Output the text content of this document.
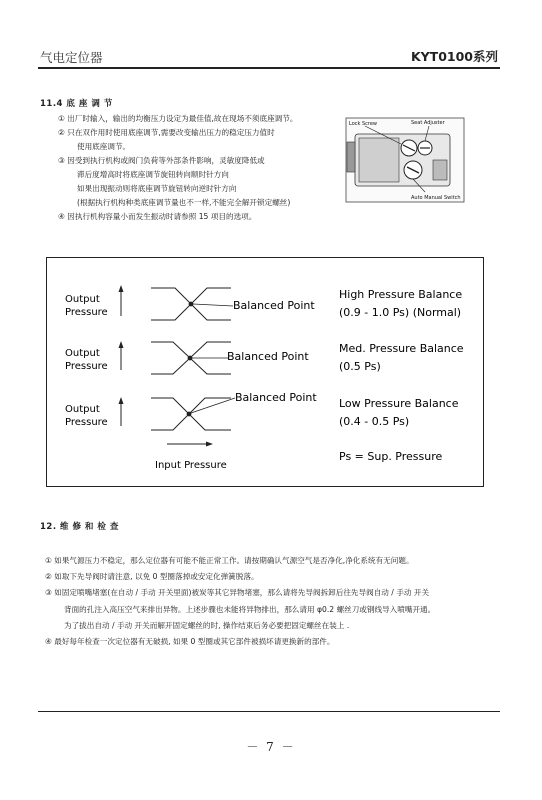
气电定位器	KYT0100系列
11.4 底 座 调 节
① 出厂时输入，输出的均衡压力设定为最佳值,故在现场不须底座调节。
② 只在双作用时使用底座调节,需要改变输出压力的稳定压力值时
使用底座调节。
③ 因受到执行机构或阀门负荷等外部条件影响，灵敏度降低或
滞后度增高时将底座调节旋钮转向顺时针方向
如果出现振动则将底座调节旋钮转向逆时针方向
(根据执行机构种类底座调节量也不一样,不能完全解开锁定螺丝)
④ 因执行机构容量小而发生振动时请参照 15 项目的选项。
Lock Screw	Seat Adjuster
Auto Manual Switch
Output
Pressure
Balanced Point
High Pressure Balance
(0.9 - 1.0 Ps) (Normal)
Output
Pressure
Balanced Point
Med. Pressure Balance
(0.5 Ps)
Output
Pressure
Balanced Point Low Pressure Balance
(0.4 - 0.5 Ps)
Input Pressure
Ps = Sup. Pressure
12. 维 修 和 检 查
① 如果气源压力不稳定，那么定位器有可能不能正常工作。请按期确认气源空气是否净化,净化系统有无问题。
② 如取下先导阀时请注意, 以免 0 型圈落掉或安定化弹簧脱落。
③ 如固定喷嘴堵塞(在自动 / 手动 开关里面)被炭等其它异物堵塞，那么请将先导阀拆卸后往先导阀自动 / 手动 开关
背面的孔注入高压空气来排出异物。上述步骤也未能将异物排出，那么请用 φ0.2 螺丝刀或钢线导入喷嘴开通。
为了拔出自动 / 手动 开关而解开固定螺丝的时, 操作结束后务必要把固定螺丝在装上 .
④ 最好每年检查一次定位器有无破损, 如果 0 型圈或其它部件被损坏请更换新的部件。
－ 7 －
